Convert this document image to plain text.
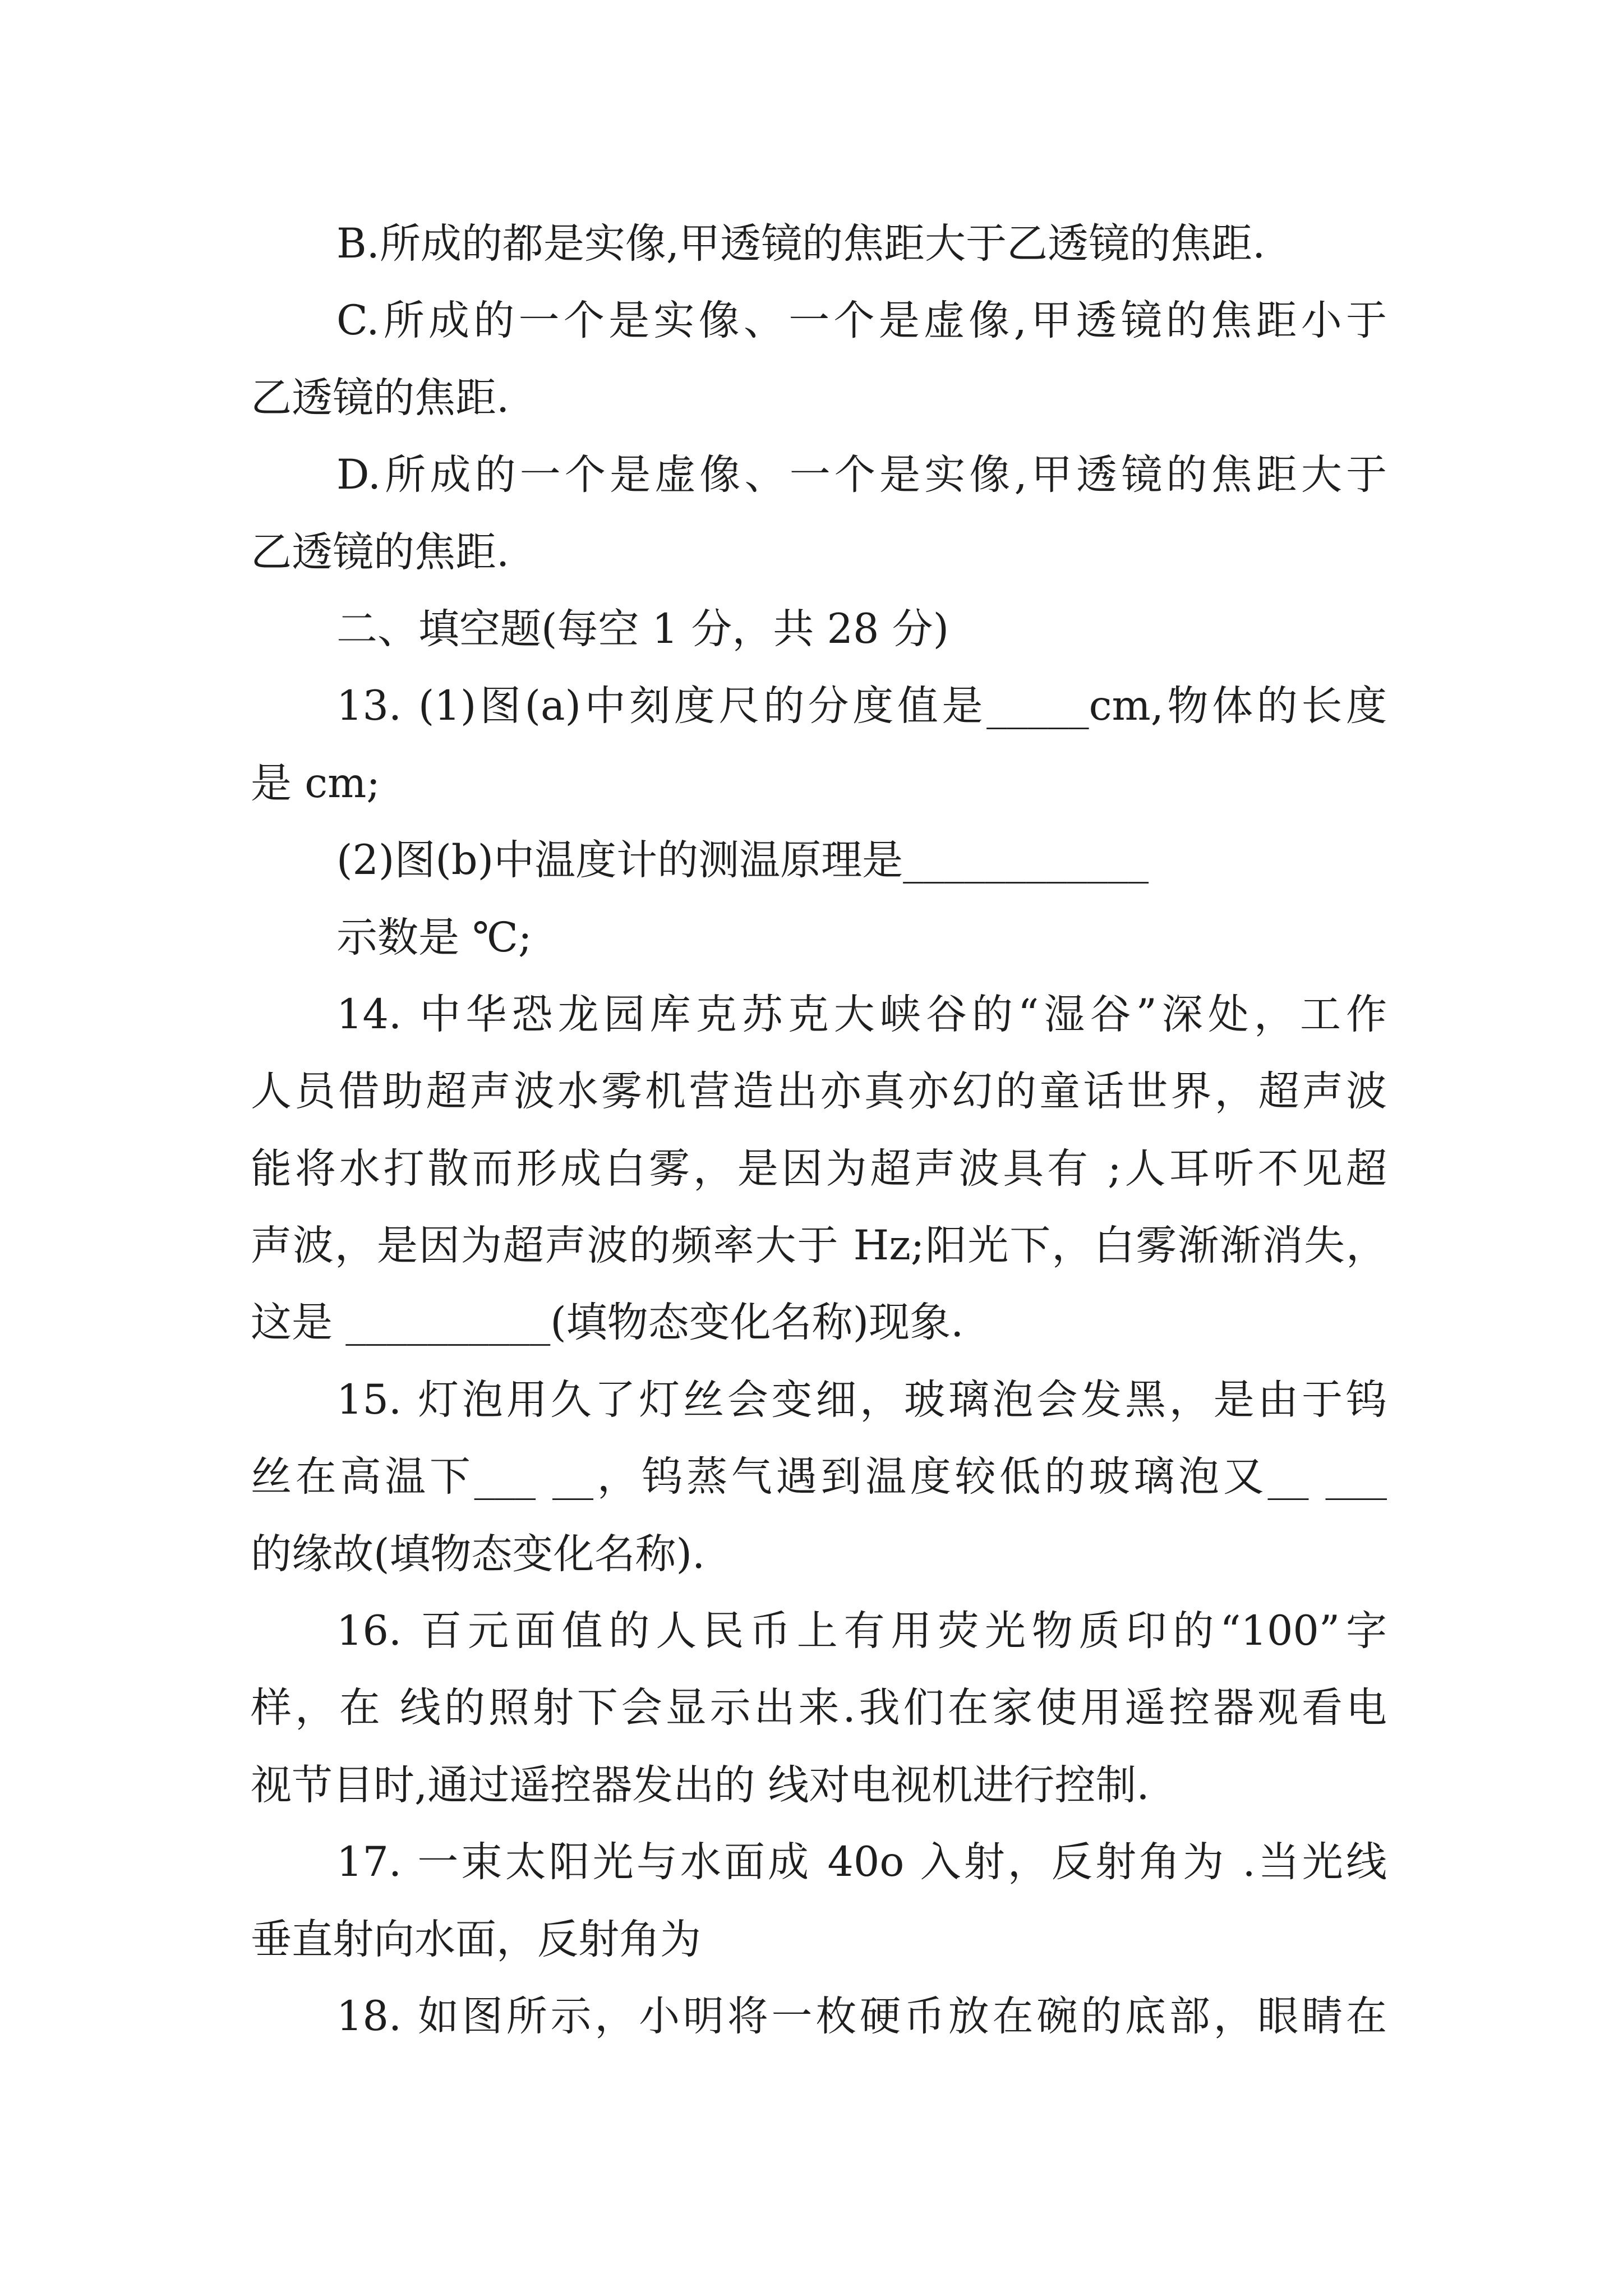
B.所成的都是实像,甲透镜的焦距大于乙透镜的焦距.
C.所成的一个是实像、一个是虚像,甲透镜的焦距小于
乙透镜的焦距.
D.所成的一个是虚像、一个是实像,甲透镜的焦距大于
乙透镜的焦距.
二、填空题(每空 1 分，共 28 分)
13. (1)图(a)中刻度尺的分度值是_____cm,物体的长度
是 cm;
(2)图(b)中温度计的测温原理是____________
示数是 ℃;
14. 中华恐龙园库克苏克大峡谷的“湿谷”深处，工作
人员借助超声波水雾机营造出亦真亦幻的童话世界，超声波
能将水打散而形成白雾，是因为超声波具有 ;人耳听不见超
声波，是因为超声波的频率大于 Hz;阳光下，白雾渐渐消失，
这是 __________(填物态变化名称)现象.
15. 灯泡用久了灯丝会变细，玻璃泡会发黑，是由于钨
丝在高温下___ __，钨蒸气遇到温度较低的玻璃泡又__ ___
的缘故(填物态变化名称).
16. 百元面值的人民币上有用荧光物质印的“100”字
样，在 线的照射下会显示出来.我们在家使用遥控器观看电
视节目时,通过遥控器发出的 线对电视机进行控制.
17. 一束太阳光与水面成 40o 入射，反射角为 .当光线
垂直射向水面，反射角为
18. 如图所示，小明将一枚硬币放在碗的底部，眼睛在
